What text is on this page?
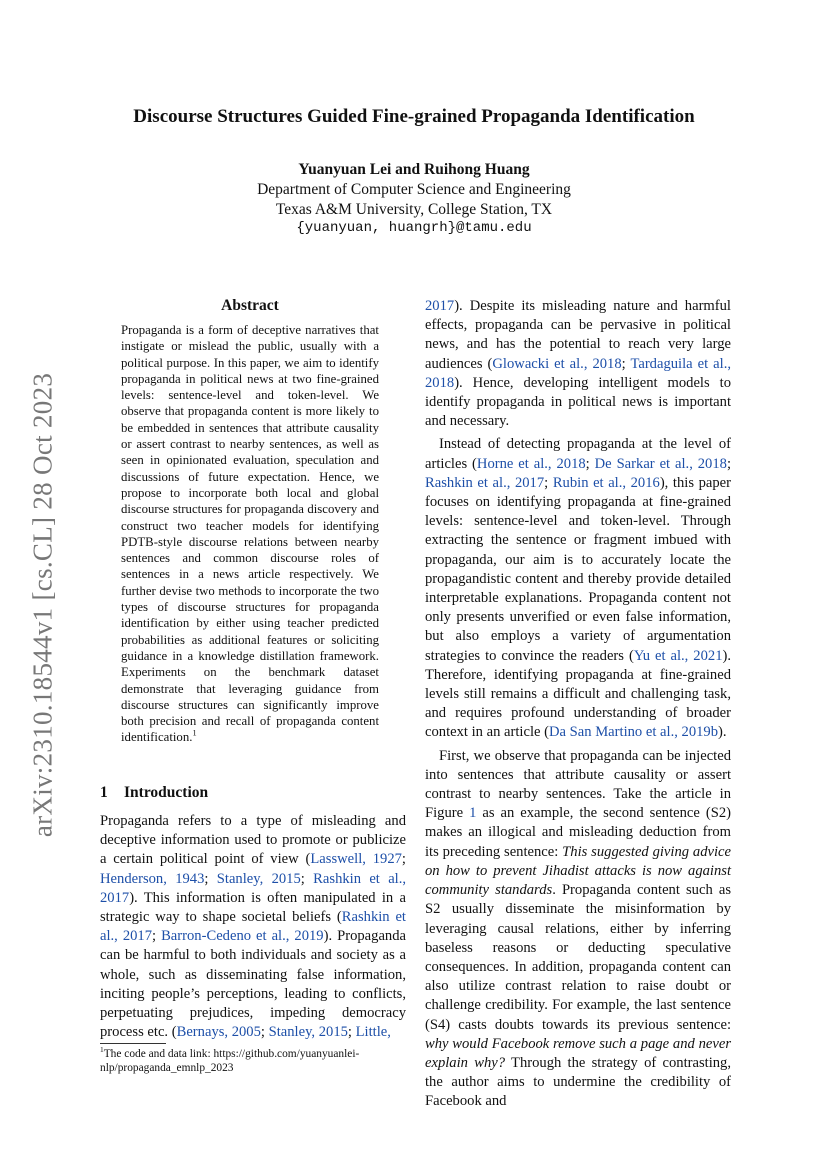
arXiv:2310.18544v1 [cs.CL] 28 Oct 2023
Discourse Structures Guided Fine-grained Propaganda Identification
Yuanyuan Lei and Ruihong Huang
Department of Computer Science and Engineering
Texas A&M University, College Station, TX
{yuanyuan, huangrh}@tamu.edu
Abstract
Propaganda is a form of deceptive narratives that instigate or mislead the public, usually with a political purpose. In this paper, we aim to identify propaganda in political news at two fine-grained levels: sentence-level and token-level. We observe that propaganda content is more likely to be embedded in sentences that attribute causality or assert contrast to nearby sentences, as well as seen in opinionated evaluation, speculation and discussions of future expectation. Hence, we propose to incorporate both local and global discourse structures for propaganda discovery and construct two teacher models for identifying PDTB-style discourse relations between nearby sentences and common discourse roles of sentences in a news article respectively. We further devise two methods to incorporate the two types of discourse structures for propaganda identification by either using teacher predicted probabilities as additional features or soliciting guidance in a knowledge distillation framework. Experiments on the benchmark dataset demonstrate that leveraging guidance from discourse structures can significantly improve both precision and recall of propaganda content identification.$^1$
1 Introduction

Propaganda refers to a type of misleading and deceptive information used to promote or publicize a certain political point of view (Lasswell, 1927; Henderson, 1943; Stanley, 2015; Rashkin et al., 2017). This information is often manipulated in a strategic way to shape societal beliefs (Rashkin et al., 2017; Barron-Cedeno et al., 2019). Propaganda can be harmful to both individuals and society as a whole, such as disseminating false information, inciting people’s perceptions, leading to conflicts, perpetuating prejudices, impeding democracy process etc. (Bernays, 2005; Stanley, 2015; Little,

$^1$The code and data link: https://github.com/yuanyuanlei-nlp/propaganda_emnlp_2023

2017). Despite its misleading nature and harmful effects, propaganda can be pervasive in political news, and has the potential to reach very large audiences (Glowacki et al., 2018; Tardaguila et al., 2018). Hence, developing intelligent models to identify propaganda in political news is important and necessary.

Instead of detecting propaganda at the level of articles (Horne et al., 2018; De Sarkar et al., 2018; Rashkin et al., 2017; Rubin et al., 2016), this paper focuses on identifying propaganda at fine-grained levels: sentence-level and token-level. Through extracting the sentence or fragment imbued with propaganda, our aim is to accurately locate the propagandistic content and thereby provide detailed interpretable explanations. Propaganda content not only presents unverified or even false information, but also employs a variety of argumentation strategies to convince the readers (Yu et al., 2021). Therefore, identifying propaganda at fine-grained levels still remains a difficult and challenging task, and requires profound understanding of broader context in an article (Da San Martino et al., 2019b).

First, we observe that propaganda can be injected into sentences that attribute causality or assert contrast to nearby sentences. Take the article in Figure 1 as an example, the second sentence (S2) makes an illogical and misleading deduction from its preceding sentence: This suggested giving advice on how to prevent Jihadist attacks is now against community standards. Propaganda content such as S2 usually disseminate the misinformation by leveraging causal relations, either by inferring baseless reasons or deducting speculative consequences. In addition, propaganda content can also utilize contrast relation to raise doubt or challenge credibility. For example, the last sentence (S4) casts doubts towards its previous sentence: why would Facebook remove such a page and never explain why? Through the strategy of contrasting, the author aims to undermine the credibility of Facebook and
